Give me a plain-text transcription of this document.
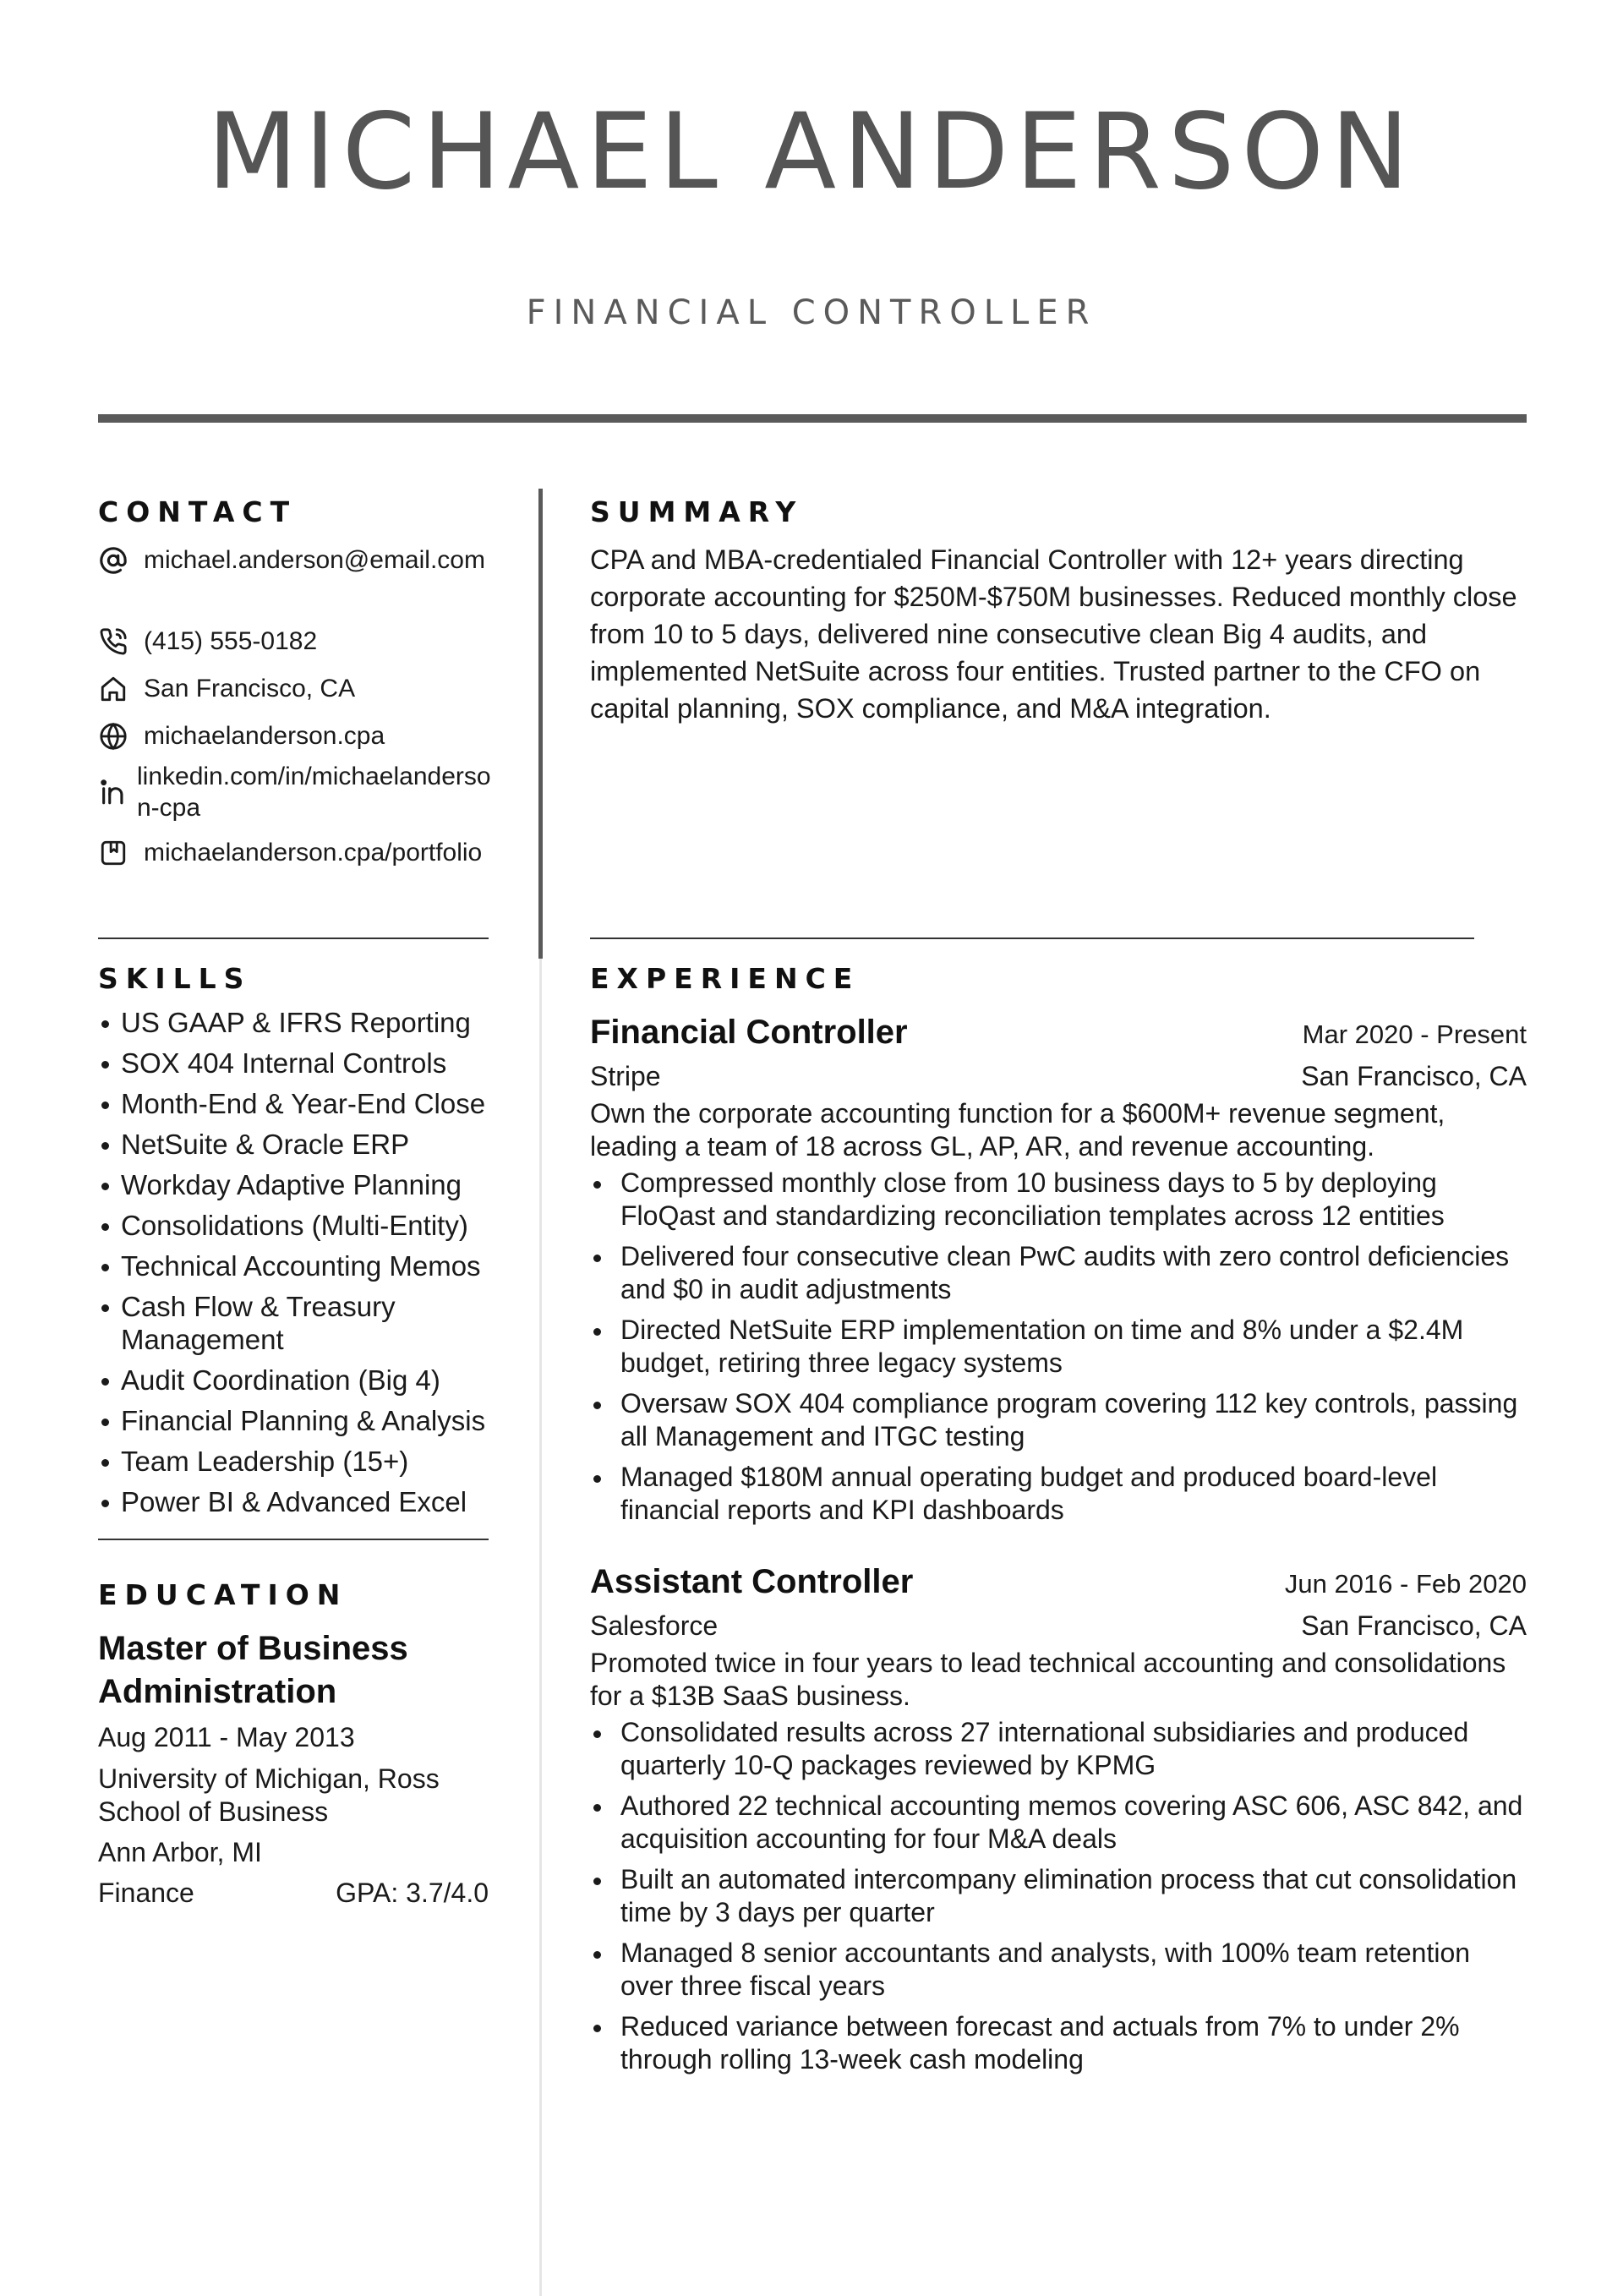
MICHAEL ANDERSON
FINANCIAL CONTROLLER
CONTACT
michael.anderson@email.com
(415) 555-0182
San Francisco, CA
michaelanderson.cpa
linkedin.com/in/michaelanderson-cpa
michaelanderson.cpa/portfolio
SKILLS
US GAAP & IFRS Reporting
SOX 404 Internal Controls
Month-End & Year-End Close
NetSuite & Oracle ERP
Workday Adaptive Planning
Consolidations (Multi-Entity)
Technical Accounting Memos
Cash Flow & Treasury Management
Audit Coordination (Big 4)
Financial Planning & Analysis
Team Leadership (15+)
Power BI & Advanced Excel
EDUCATION
Master of Business Administration
Aug 2011 - May 2013
University of Michigan, Ross School of Business
Ann Arbor, MI
Finance	GPA: 3.7/4.0
SUMMARY
CPA and MBA-credentialed Financial Controller with 12+ years directing corporate accounting for $250M-$750M businesses. Reduced monthly close from 10 to 5 days, delivered nine consecutive clean Big 4 audits, and implemented NetSuite across four entities. Trusted partner to the CFO on capital planning, SOX compliance, and M&A integration.
EXPERIENCE
Financial Controller	Mar 2020 - Present
Stripe	San Francisco, CA
Own the corporate accounting function for a $600M+ revenue segment, leading a team of 18 across GL, AP, AR, and revenue accounting.
Compressed monthly close from 10 business days to 5 by deploying FloQast and standardizing reconciliation templates across 12 entities
Delivered four consecutive clean PwC audits with zero control deficiencies and $0 in audit adjustments
Directed NetSuite ERP implementation on time and 8% under a $2.4M budget, retiring three legacy systems
Oversaw SOX 404 compliance program covering 112 key controls, passing all Management and ITGC testing
Managed $180M annual operating budget and produced board-level financial reports and KPI dashboards
Assistant Controller	Jun 2016 - Feb 2020
Salesforce	San Francisco, CA
Promoted twice in four years to lead technical accounting and consolidations for a $13B SaaS business.
Consolidated results across 27 international subsidiaries and produced quarterly 10-Q packages reviewed by KPMG
Authored 22 technical accounting memos covering ASC 606, ASC 842, and acquisition accounting for four M&A deals
Built an automated intercompany elimination process that cut consolidation time by 3 days per quarter
Managed 8 senior accountants and analysts, with 100% team retention over three fiscal years
Reduced variance between forecast and actuals from 7% to under 2% through rolling 13-week cash modeling
